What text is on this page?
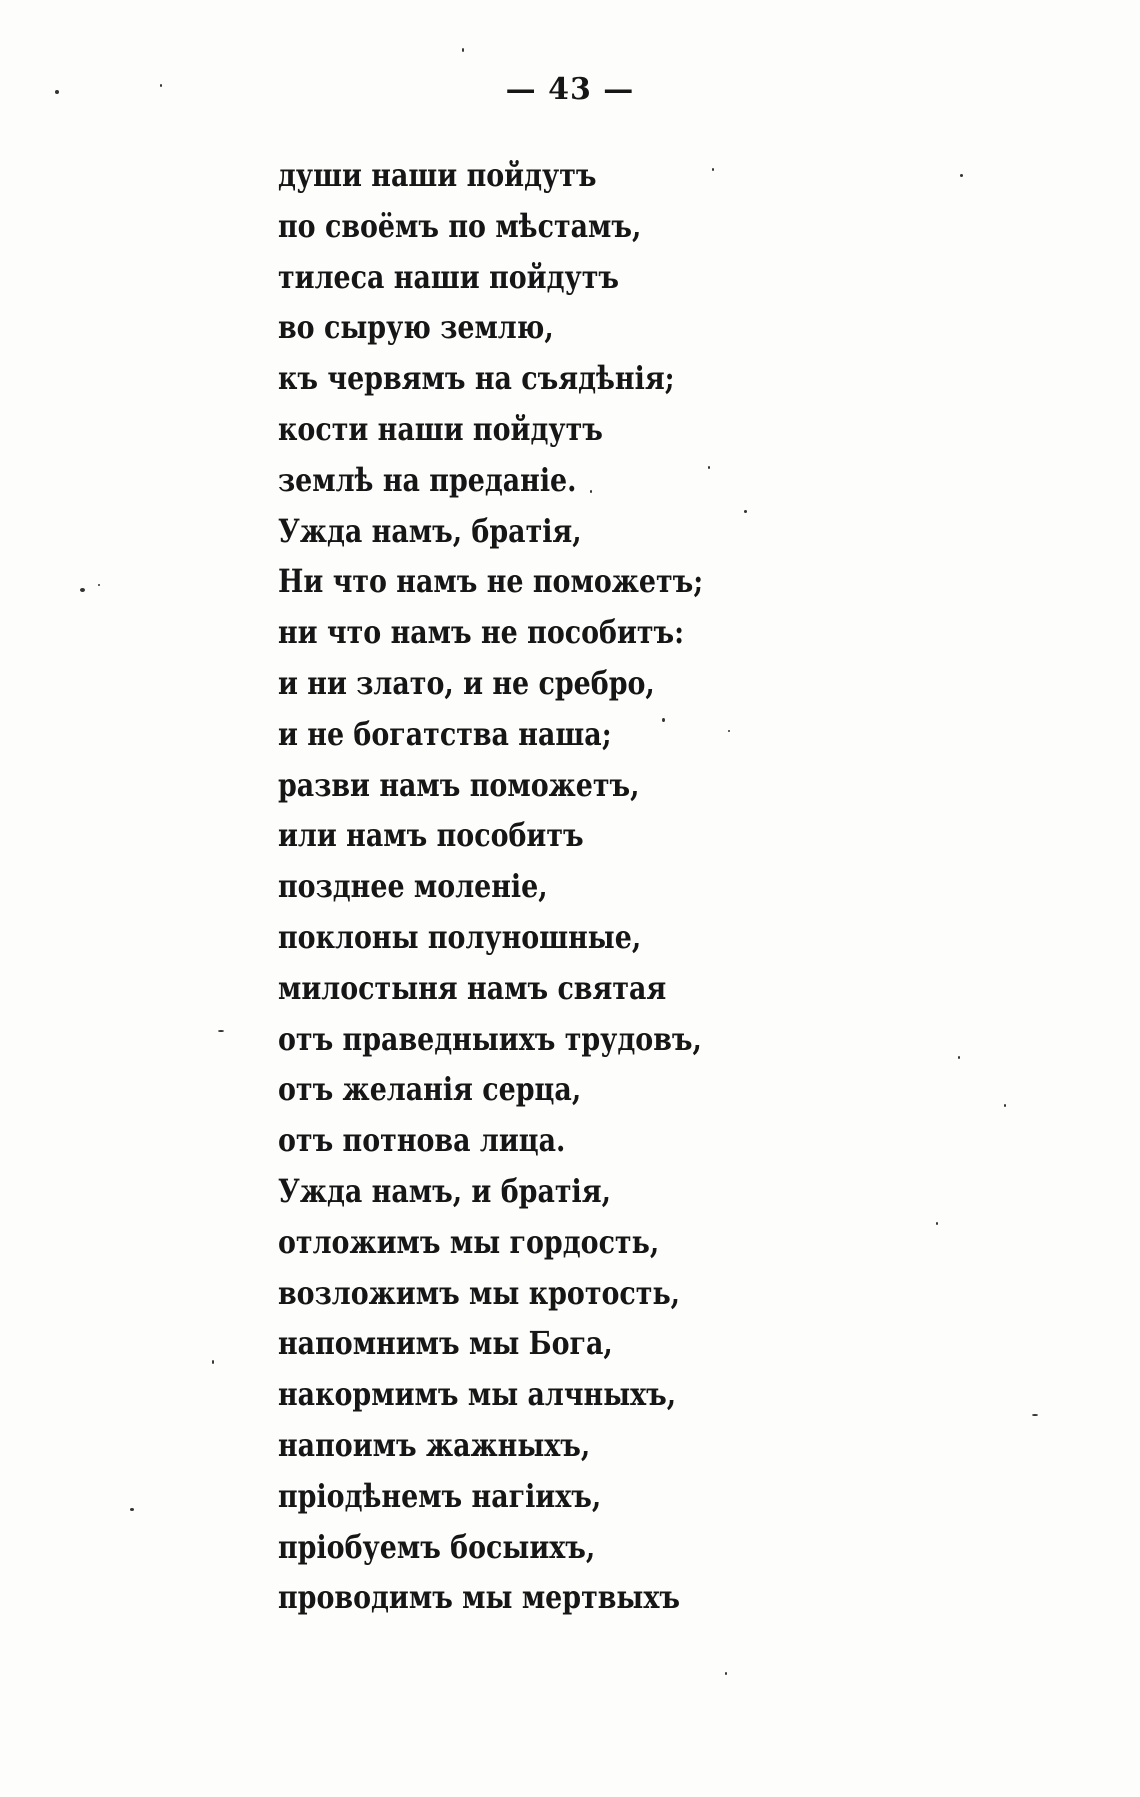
— 43 —
души наши пойдутъ
по своёмъ по мѣстамъ,
тилеса наши пойдутъ
во сырую землю,
къ червямъ на съядѣнія;
кости наши пойдутъ
землѣ на преданіе.
Ужда намъ, братія,
Ни что намъ не поможетъ;
ни что намъ не пособитъ:
и ни злато, и не сребро,
и не богатства наша;
разви намъ поможетъ,
или намъ пособитъ
позднее моленіе,
поклоны полуношные,
милостыня намъ святая
отъ праведныихъ трудовъ,
отъ желанія серца,
отъ потнова лица.
Ужда намъ, и братія,
отложимъ мы гордость,
возложимъ мы кротость,
напомнимъ мы Бога,
накормимъ мы алчныхъ,
напоимъ жажныхъ,
пріодѣнемъ нагіихъ,
пріобуемъ босыихъ,
проводимъ мы мертвыхъ
